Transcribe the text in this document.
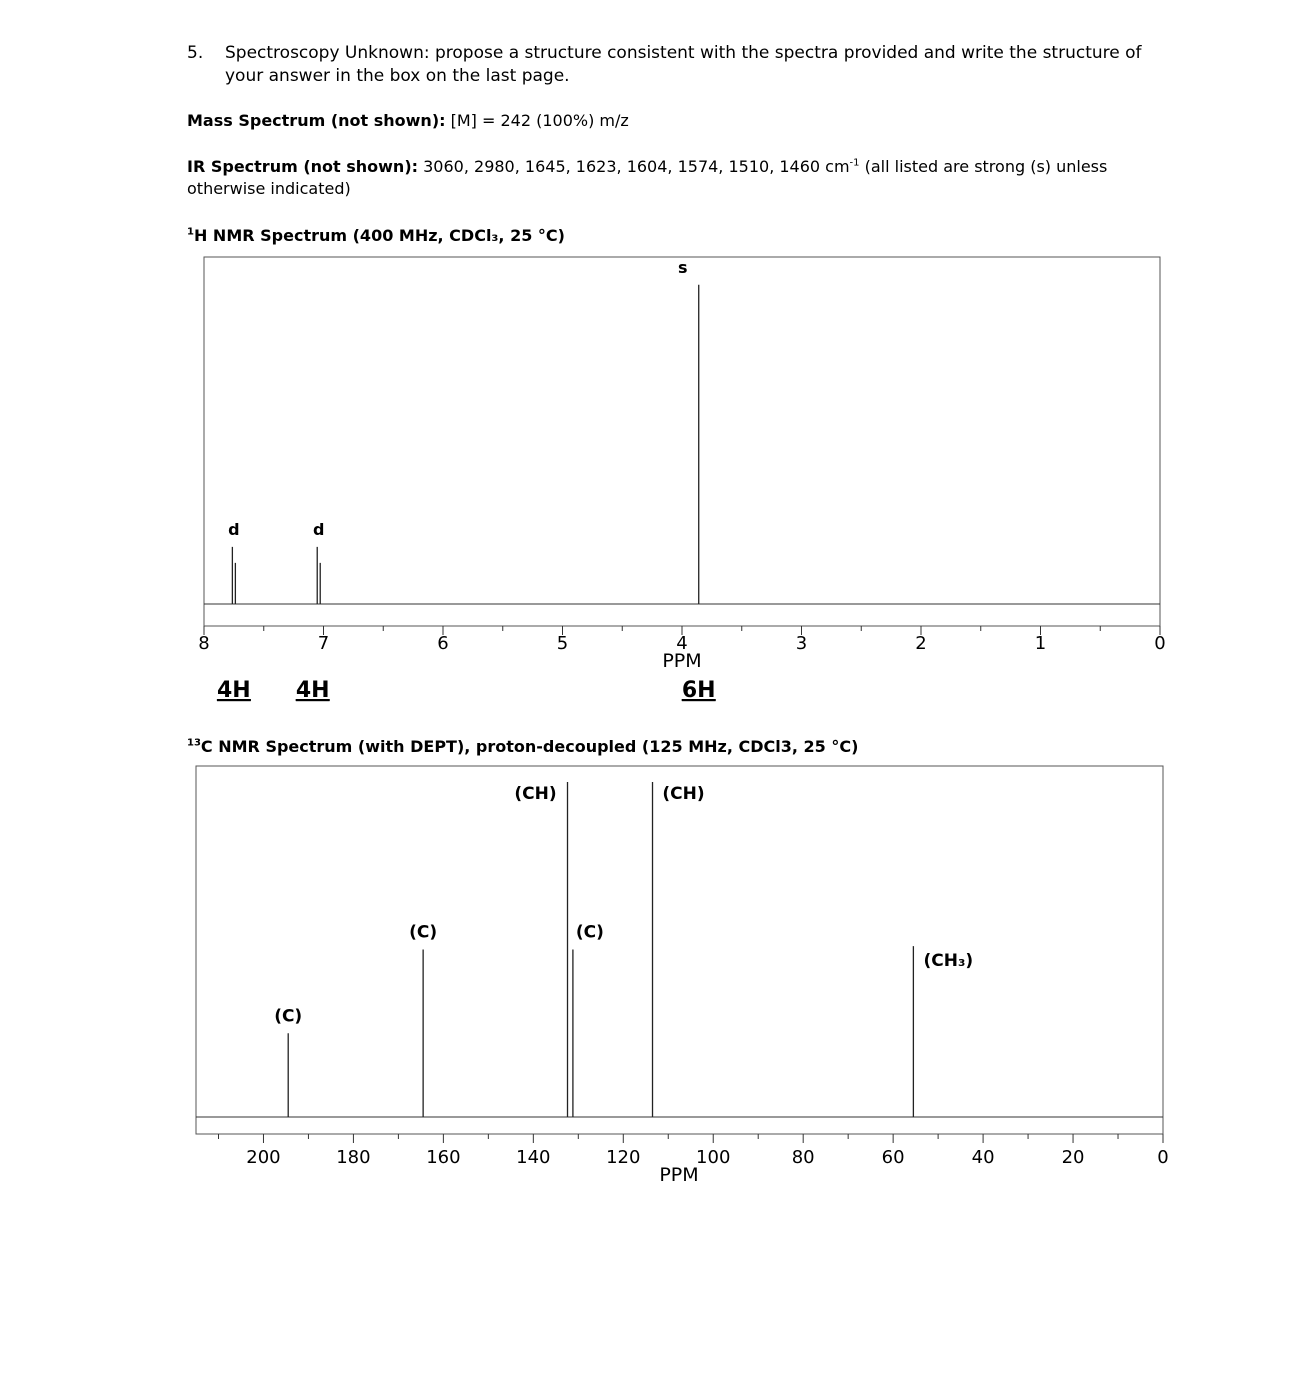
5. Spectroscopy Unknown: propose a structure consistent with the spectra provided and write the structure of your answer in the box on the last page.
Mass Spectrum (not shown): [M] = 242 (100%) m/z
IR Spectrum (not shown): 3060, 2980, 1645, 1623, 1604, 1574, 1510, 1460 $cm^{-1}$ (all listed are strong (s) unless otherwise indicated)
$^1$H NMR Spectrum (400 MHz, CDCl₃, 25 °C)
8	7	6	5	4	3	2	1	0
PPM
d
4H
d
4H
s
6H
$^{13}$C NMR Spectrum (with DEPT), proton-decoupled (125 MHz, CDCl3, 25 °C)
200	180	160	140	120	100	80	60	40	20	0
PPM
(C)
(C)
(CH)
(C)
(CH)
(CH₃)
